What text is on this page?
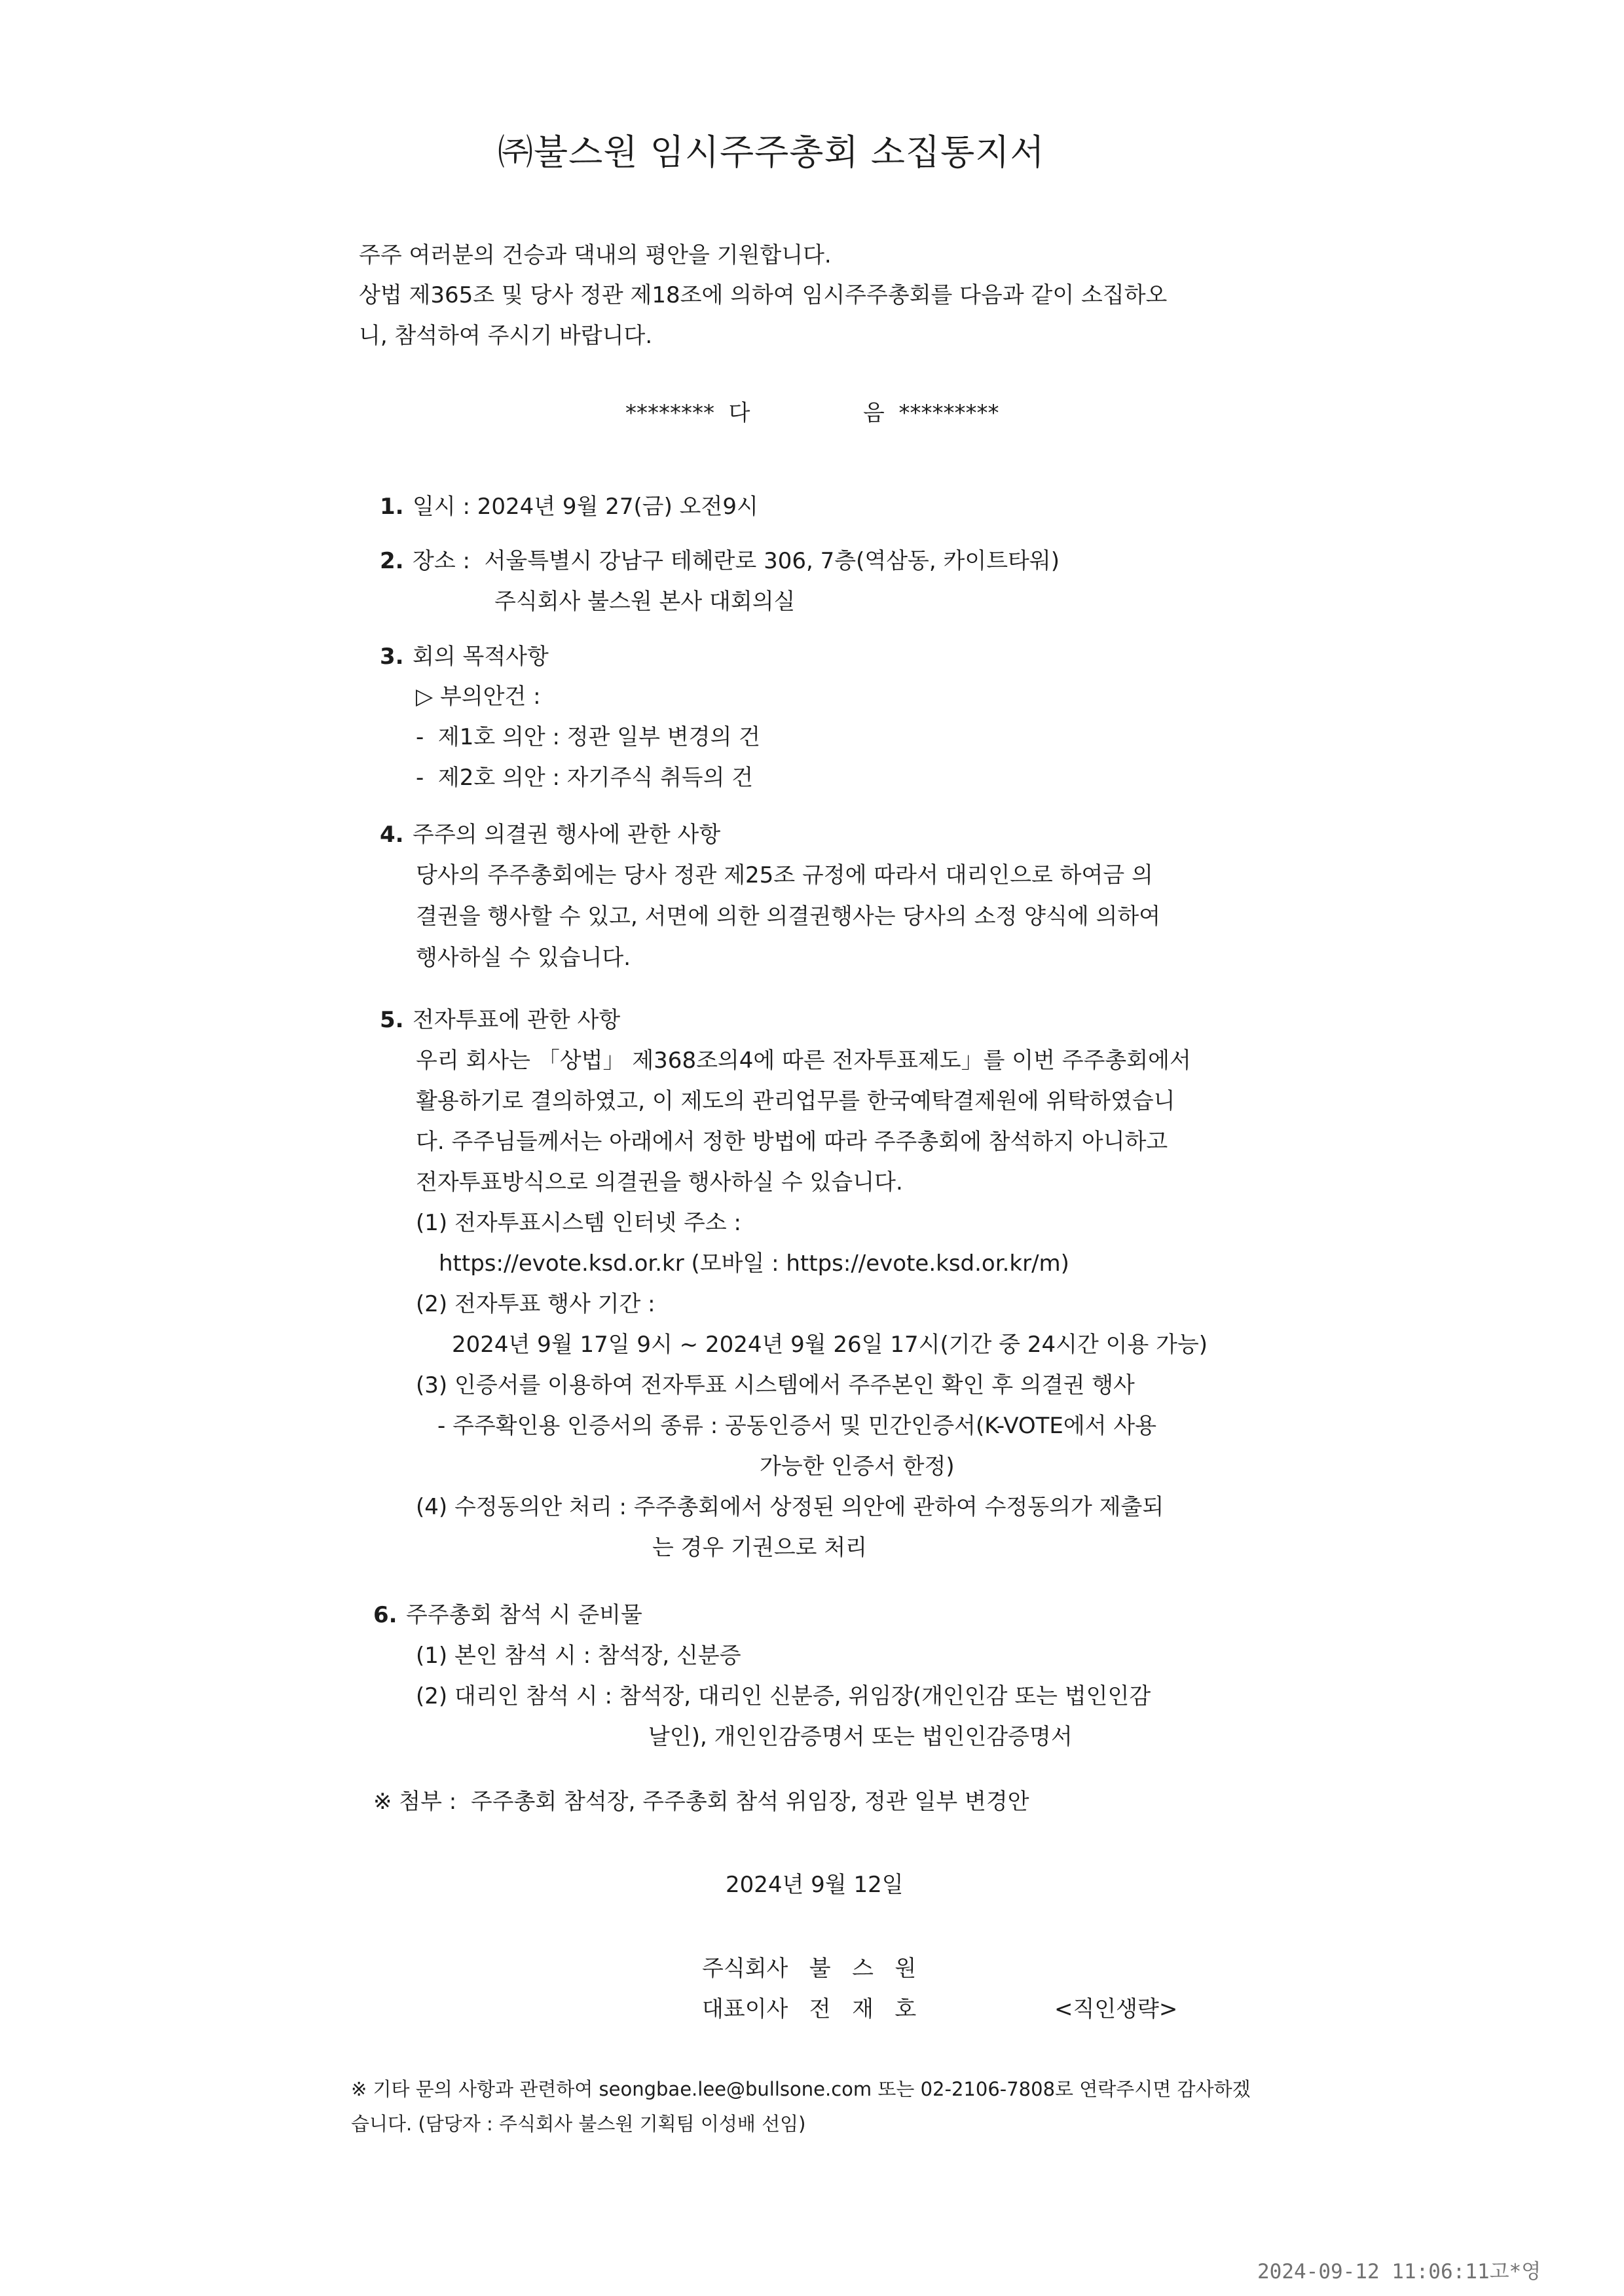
㈜불스원 임시주주총회 소집통지서
주주 여러분의 건승과 댁내의 평안을 기원합니다.
상법 제365조 및 당사 정관 제18조에 의하여 임시주주총회를 다음과 같이 소집하오
니, 참석하여 주시기 바랍니다.
********  다	음  *********
1. 일시 : 2024년 9월 27(금) 오전9시
2. 장소 :  서울특별시 강남구 테헤란로 306, 7층(역삼동, 카이트타워)
주식회사 불스원 본사 대회의실
3. 회의 목적사항
▷ 부의안건 :
-  제1호 의안 : 정관 일부 변경의 건
-  제2호 의안 : 자기주식 취득의 건
4. 주주의 의결권 행사에 관한 사항
당사의 주주총회에는 당사 정관 제25조 규정에 따라서 대리인으로 하여금 의
결권을 행사할 수 있고, 서면에 의한 의결권행사는 당사의 소정 양식에 의하여
행사하실 수 있습니다.
5. 전자투표에 관한 사항
우리 회사는 「상법」 제368조의4에 따른 전자투표제도」를 이번 주주총회에서
활용하기로 결의하였고, 이 제도의 관리업무를 한국예탁결제원에 위탁하였습니
다. 주주님들께서는 아래에서 정한 방법에 따라 주주총회에 참석하지 아니하고
전자투표방식으로 의결권을 행사하실 수 있습니다.
(1) 전자투표시스템 인터넷 주소 :
https://evote.ksd.or.kr (모바일 : https://evote.ksd.or.kr/m)
(2) 전자투표 행사 기간 :
2024년 9월 17일 9시 ~ 2024년 9월 26일 17시(기간 중 24시간 이용 가능)
(3) 인증서를 이용하여 전자투표 시스템에서 주주본인 확인 후 의결권 행사
- 주주확인용 인증서의 종류 : 공동인증서 및 민간인증서(K-VOTE에서 사용
가능한 인증서 한정)
(4) 수정동의안 처리 : 주주총회에서 상정된 의안에 관하여 수정동의가 제출되
는 경우 기권으로 처리
6. 주주총회 참석 시 준비물
(1) 본인 참석 시 : 참석장, 신분증
(2) 대리인 참석 시 : 참석장, 대리인 신분증, 위임장(개인인감 또는 법인인감
날인), 개인인감증명서 또는 법인인감증명서
※ 첨부 :  주주총회 참석장, 주주총회 참석 위임장, 정관 일부 변경안
2024년 9월 12일
주식회사   불   스   원
대표이사   전   재   호	<직인생략>
※ 기타 문의 사항과 관련하여 seongbae.lee@bullsone.com 또는 02-2106-7808로 연락주시면 감사하겠
습니다. (담당자 : 주식회사 불스원 기획팀 이성배 선임)
2024-09-12 11:06:11고*영
